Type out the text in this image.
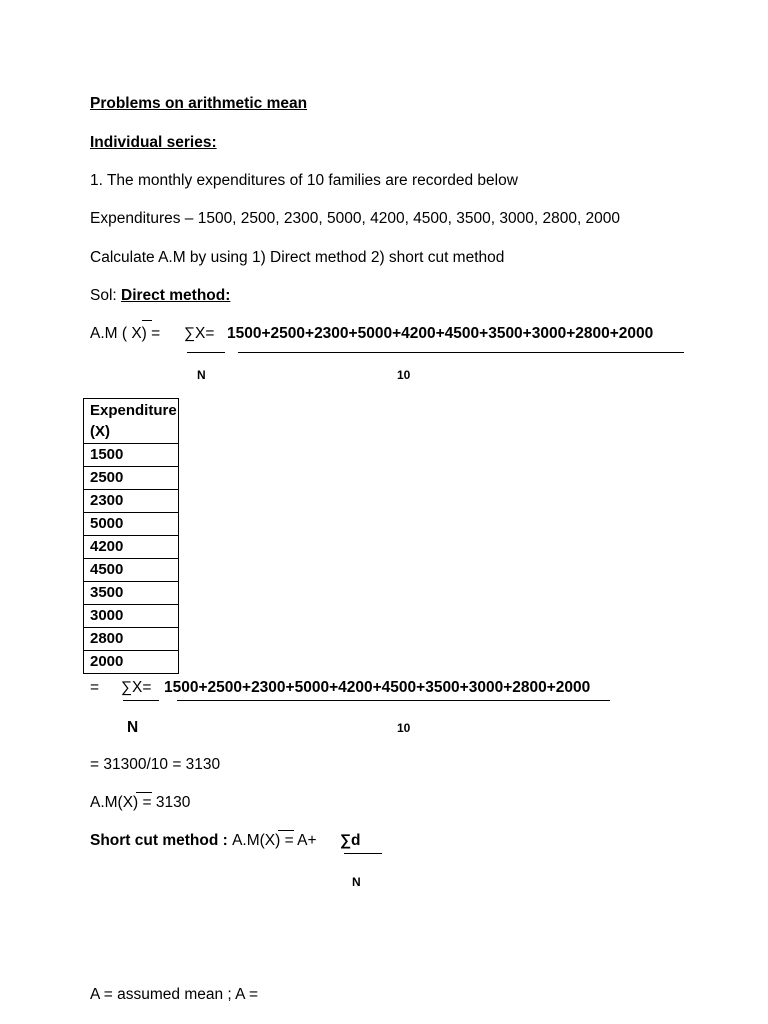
Problems on arithmetic mean
Individual series:
1. The monthly expenditures of 10 families are recorded below
Expenditures – 1500, 2500, 2300, 5000, 4200, 4500, 3500, 3000, 2800, 2000
Calculate A.M by using 1) Direct method 2) short cut method
Sol: Direct method:
A.M ( X) = ∑X= 1500+2500+2300+5000+4200+4500+3500+3000+2800+2000
N	10
Expenditure (X)
1500
2500
2300
5000
4200
4500
3500
3000
2800
2000
= ∑X= 1500+2500+2300+5000+4200+4500+3500+3000+2800+2000
N	10
= 31300/10 = 3130
A.M(X) = 3130
Short cut method : A.M(X) = A+ ∑d
N
A = assumed mean ; A =
